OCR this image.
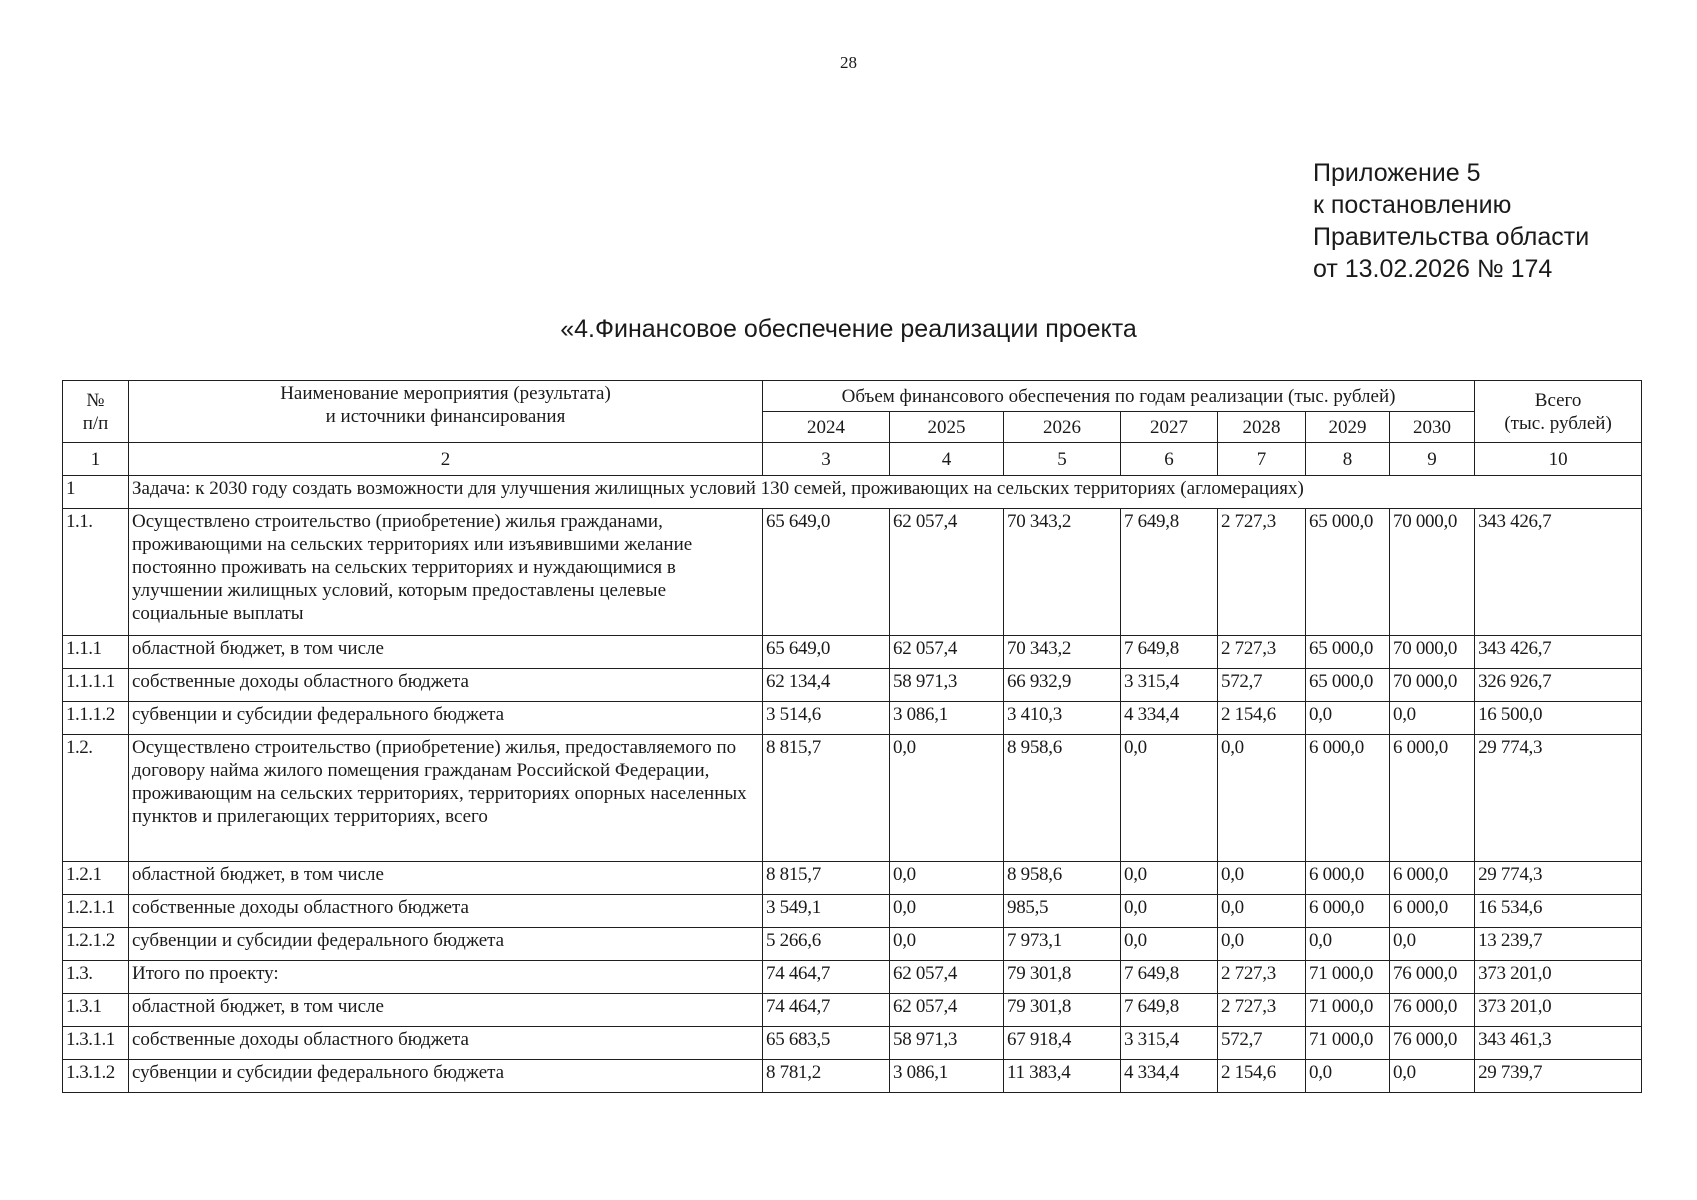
28
Приложение 5
к постановлению
Правительства области
от 13.02.2026 № 174
«4.Финансовое обеспечение реализации проекта
№
п/п	Наименование мероприятия (результата)
и источники финансирования	Объем финансового обеспечения по годам реализации (тыс. рублей)							Всего
(тыс. рублей)
		2024	2025	2026	2027	2028	2029	2030	
1	2	3	4	5	6	7	8	9	10
1	Задача: к 2030 году создать возможности для улучшения жилищных условий 130 семей, проживающих на сельских территориях (агломерациях)								
1.1.	Осуществлено строительство (приобретение) жилья гражданами, проживающими на сельских территориях или изъявившими желание постоянно проживать на сельских территориях и нуждающимися в улучшении жилищных условий, которым предоставлены целевые социальные выплаты	65 649,0	62 057,4	70 343,2	7 649,8	2 727,3	65 000,0	70 000,0	343 426,7
1.1.1	областной бюджет, в том числе	65 649,0	62 057,4	70 343,2	7 649,8	2 727,3	65 000,0	70 000,0	343 426,7
1.1.1.1	собственные доходы областного бюджета	62 134,4	58 971,3	66 932,9	3 315,4	572,7	65 000,0	70 000,0	326 926,7
1.1.1.2	субвенции и субсидии федерального бюджета	3 514,6	3 086,1	3 410,3	4 334,4	2 154,6	0,0	0,0	16 500,0
1.2.	Осуществлено строительство (приобретение) жилья, предоставляемого по договору найма жилого помещения гражданам Российской Федерации, проживающим на сельских территориях, территориях опорных населенных пунктов и прилегающих территориях, всего	8 815,7	0,0	8 958,6	0,0	0,0	6 000,0	6 000,0	29 774,3
1.2.1	областной бюджет, в том числе	8 815,7	0,0	8 958,6	0,0	0,0	6 000,0	6 000,0	29 774,3
1.2.1.1	собственные доходы областного бюджета	3 549,1	0,0	985,5	0,0	0,0	6 000,0	6 000,0	16 534,6
1.2.1.2	субвенции и субсидии федерального бюджета	5 266,6	0,0	7 973,1	0,0	0,0	0,0	0,0	13 239,7
1.3.	Итого по проекту:	74 464,7	62 057,4	79 301,8	7 649,8	2 727,3	71 000,0	76 000,0	373 201,0
1.3.1	областной бюджет, в том числе	74 464,7	62 057,4	79 301,8	7 649,8	2 727,3	71 000,0	76 000,0	373 201,0
1.3.1.1	собственные доходы областного бюджета	65 683,5	58 971,3	67 918,4	3 315,4	572,7	71 000,0	76 000,0	343 461,3
1.3.1.2	субвенции и субсидии федерального бюджета	8 781,2	3 086,1	11 383,4	4 334,4	2 154,6	0,0	0,0	29 739,7
